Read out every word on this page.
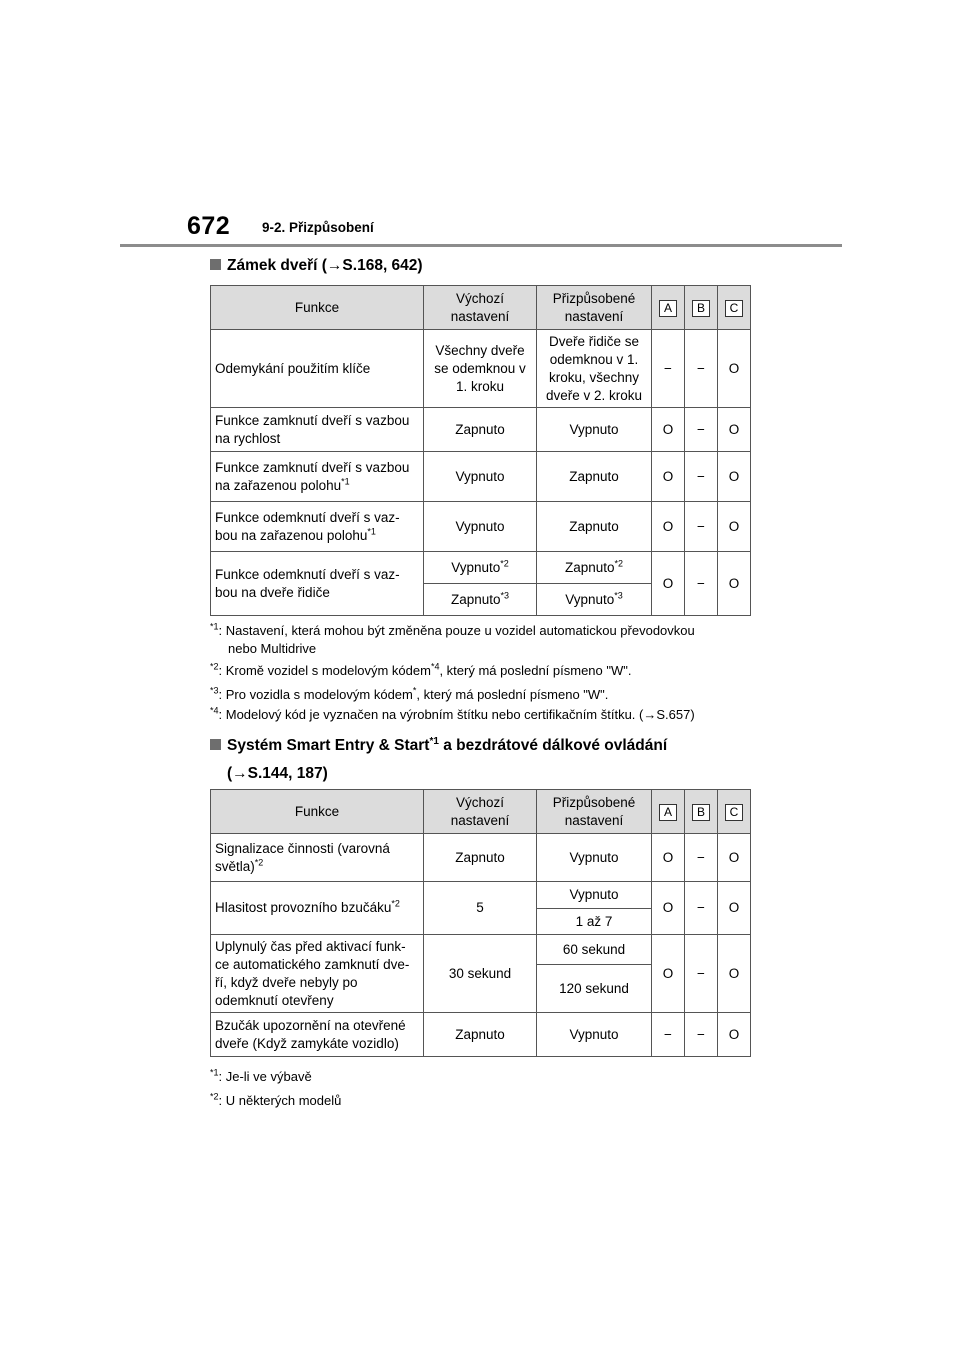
672 9-2. Přizpůsobení
Zámek dveří (→S.168, 642)
Funkce	Výchozí nastavení	Přizpůsobené nastavení	A	B	C
Odemykání použitím klíče	Všechny dveře se odemknou v 1. kroku	Dveře řidiče se odemknou v 1. kroku, všechny dveře v 2. kroku	−	−	O
Funkce zamknutí dveří s vazbou na rychlost	Zapnuto	Vypnuto	O	−	O
Funkce zamknutí dveří s vazbou na zařazenou polohu$^{*1}$	Vypnuto	Zapnuto	O	−	O
Funkce odemknutí dveří s vaz-bou na zařazenou polohu$^{*1}$	Vypnuto	Zapnuto	O	−	O
Funkce odemknutí dveří s vaz-bou na dveře řidiče	Vypnuto$^{*2}$	Zapnuto$^{*2}$	O	−	O
	Zapnuto$^{*3}$	Vypnuto$^{*3}$
$^{*1}$: Nastavení, která mohou být změněna pouze u vozidel automatickou převodovkou
nebo Multidrive
$^{*2}$: Kromě vozidel s modelovým kódem$^{*4}$, který má poslední písmeno "W".
$^{*3}$: Pro vozidla s modelovým kódem*, který má poslední písmeno "W".
$^{*4}$: Modelový kód je vyznačen na výrobním štítku nebo certifikačním štítku. (→S.657)
Systém Smart Entry & Start$^{*1}$ a bezdrátové dálkové ovládání
(→S.144, 187)
Funkce	Výchozí nastavení	Přizpůsobené nastavení	A	B	C
Signalizace činnosti (varovná světla)$^{*2}$	Zapnuto	Vypnuto	O	−	O
Hlasitost provozního bzučáku$^{*2}$	5	Vypnuto	O	−	O
		1 až 7			
Uplynulý čas před aktivací funk-ce automatického zamknutí dve-ří, když dveře nebyly po odemknutí otevřeny	30 sekund	60 sekund	O	−	O
		120 sekund			
Bzučák upozornění na otevřené dveře (Když zamykáte vozidlo)	Zapnuto	Vypnuto	−	−	O
$^{*1}$: Je-li ve výbavě
$^{*2}$: U některých modelů
